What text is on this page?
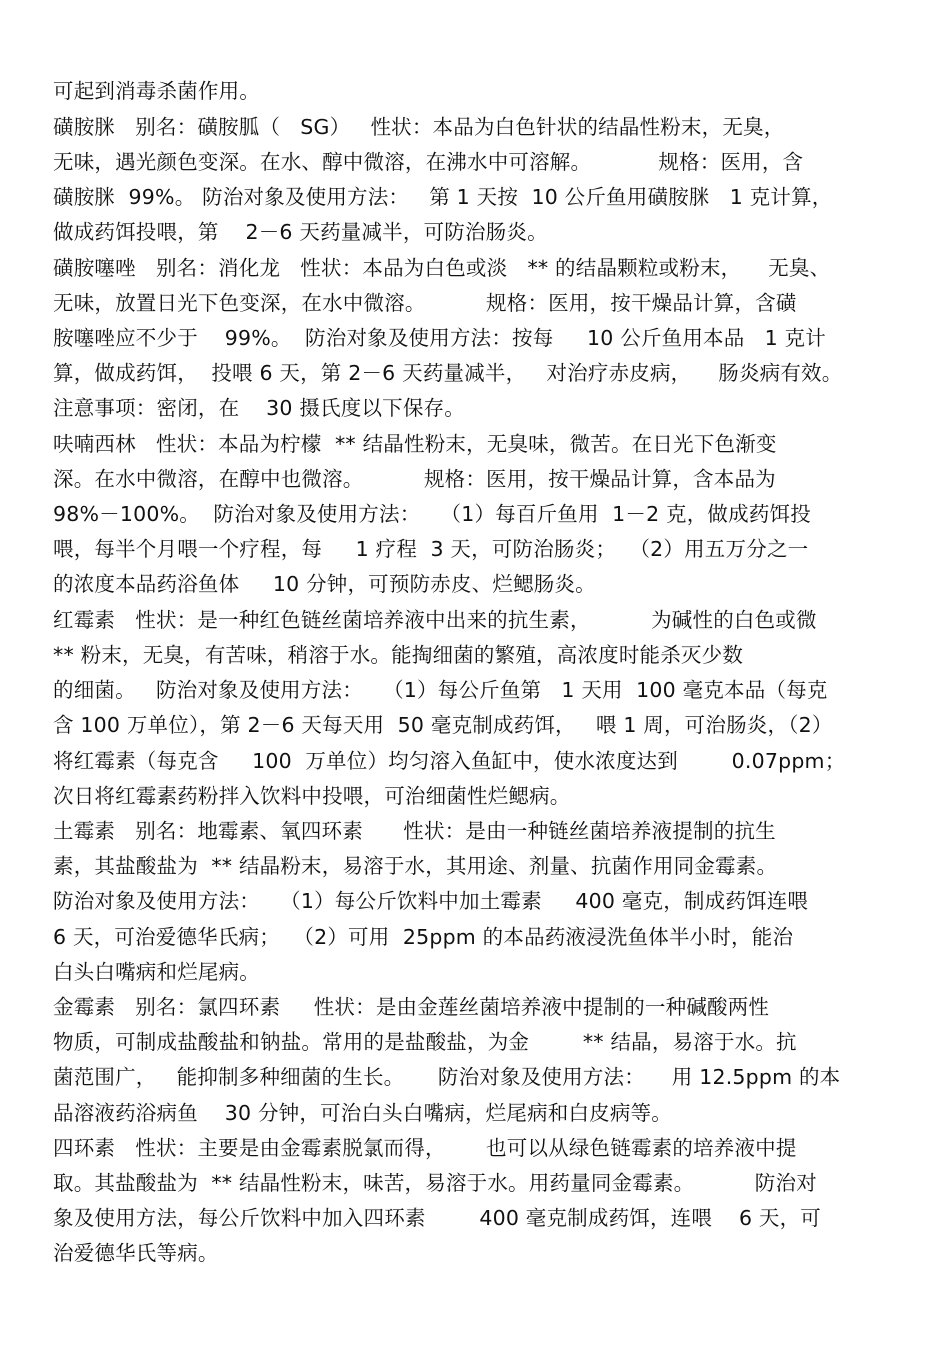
可起到消毒杀菌作用。
磺胺脒   别名：磺胺胍（   SG）   性状：本品为白色针状的结晶性粉末，无臭，
无味，遇光颜色变深。在水、醇中微溶，在沸水中可溶解。          规格：医用，含
磺胺脒  99%。 防治对象及使用方法：   第 1 天按  10 公斤鱼用磺胺脒   1 克计算，
做成药饵投喂，第    2－6 天药量减半，可防治肠炎。
磺胺噻唑   别名：消化龙   性状：本品为白色或淡   ** 的结晶颗粒或粉末，    无臭、
无味，放置日光下色变深，在水中微溶。         规格：医用，按干燥品计算，含磺
胺噻唑应不少于    99%。  防治对象及使用方法：按每     10 公斤鱼用本品   1 克计
算，做成药饵，  投喂 6 天，第 2－6 天药量减半，   对治疗赤皮病，    肠炎病有效。
注意事项：密闭，在    30 摄氏度以下保存。
呋喃西林   性状：本品为柠檬  ** 结晶性粉末，无臭味，微苦。在日光下色渐变
深。在水中微溶，在醇中也微溶。         规格：医用，按干燥品计算，含本品为
98%－100%。  防治对象及使用方法：   （1）每百斤鱼用  1－2 克，做成药饵投
喂，每半个月喂一个疗程，每     1 疗程  3 天，可防治肠炎；  （2）用五万分之一
的浓度本品药浴鱼体     10 分钟，可预防赤皮、烂鳃肠炎。
红霉素   性状：是一种红色链丝菌培养液中出来的抗生素，         为碱性的白色或微
** 粉末，无臭，有苦味，稍溶于水。能掏细菌的繁殖，高浓度时能杀灭少数
的细菌。   防治对象及使用方法：   （1）每公斤鱼第   1 天用  100 毫克本品（每克
含 100 万单位），第 2－6 天每天用  50 毫克制成药饵，   喂 1 周，可治肠炎，（2）
将红霉素（每克含     100  万单位）均匀溶入鱼缸中，使水浓度达到        0.07ppm；
次日将红霉素药粉拌入饮料中投喂，可治细菌性烂鳃病。
土霉素   别名：地霉素、氧四环素      性状：是由一种链丝菌培养液提制的抗生
素，其盐酸盐为  ** 结晶粉末，易溶于水，其用途、剂量、抗菌作用同金霉素。
防治对象及使用方法：   （1）每公斤饮料中加土霉素     400 毫克，制成药饵连喂
6 天，可治爱德华氏病；  （2）可用  25ppm 的本品药液浸洗鱼体半小时，能治
白头白嘴病和烂尾病。
金霉素   别名：氯四环素     性状：是由金莲丝菌培养液中提制的一种碱酸两性
物质，可制成盐酸盐和钠盐。常用的是盐酸盐，为金        ** 结晶，易溶于水。抗
菌范围广，   能抑制多种细菌的生长。     防治对象及使用方法：    用 12.5ppm 的本
品溶液药浴病鱼    30 分钟，可治白头白嘴病，烂尾病和白皮病等。
四环素   性状：主要是由金霉素脱氯而得，      也可以从绿色链霉素的培养液中提
取。其盐酸盐为  ** 结晶性粉末，味苦，易溶于水。用药量同金霉素。         防治对
象及使用方法，每公斤饮料中加入四环素        400 毫克制成药饵，连喂    6 天，可
治爱德华氏等病。
